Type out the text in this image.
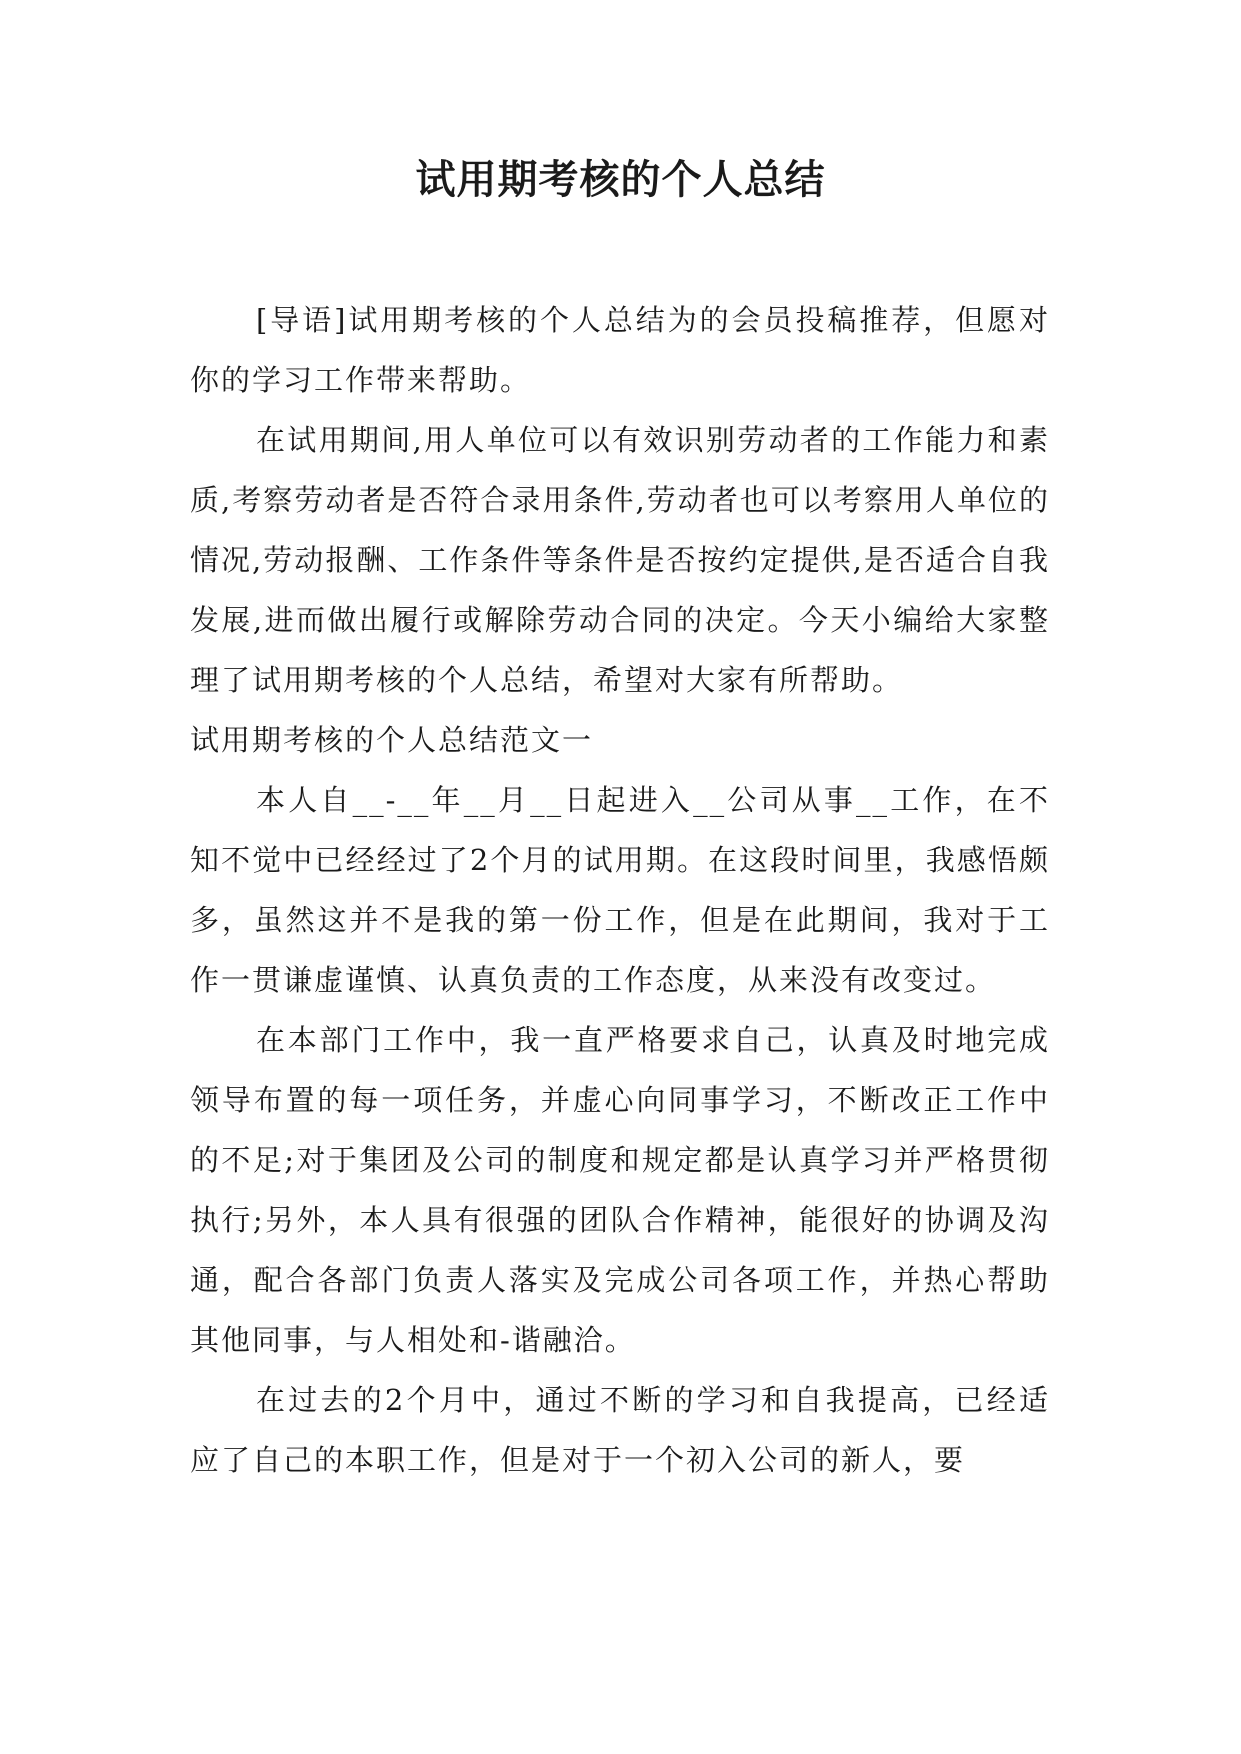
试用期考核的个人总结

[导语]试用期考核的个人总结为的会员投稿推荐，但愿对你的学习工作带来帮助。

在试用期间,用人单位可以有效识别劳动者的工作能力和素质,考察劳动者是否符合录用条件,劳动者也可以考察用人单位的情况,劳动报酬、工作条件等条件是否按约定提供,是否适合自我发展,进而做出履行或解除劳动合同的决定。今天小编给大家整理了试用期考核的个人总结，希望对大家有所帮助。

试用期考核的个人总结范文一

本人自__-__年__月__日起进入__公司从事__工作，在不知不觉中已经经过了2个月的试用期。在这段时间里，我感悟颇多，虽然这并不是我的第一份工作，但是在此期间，我对于工作一贯谦虚谨慎、认真负责的工作态度，从来没有改变过。

在本部门工作中，我一直严格要求自己，认真及时地完成领导布置的每一项任务，并虚心向同事学习，不断改正工作中的不足;对于集团及公司的制度和规定都是认真学习并严格贯彻执行;另外，本人具有很强的团队合作精神，能很好的协调及沟通，配合各部门负责人落实及完成公司各项工作，并热心帮助其他同事，与人相处和-谐融洽。

在过去的2个月中，通过不断的学习和自我提高，已经适应了自己的本职工作，但是对于一个初入公司的新人，要
